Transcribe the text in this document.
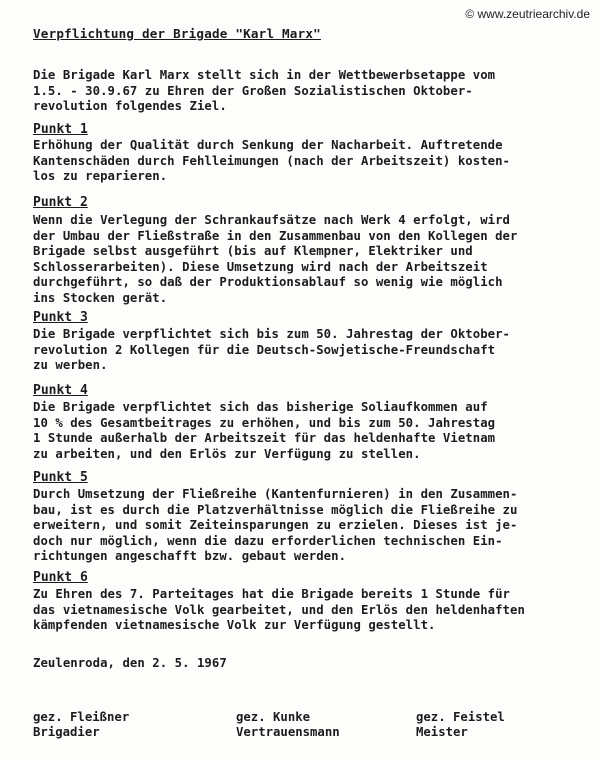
© www.zeutriearchiv.de
Verpflichtung der Brigade "Karl Marx"
Die Brigade Karl Marx stellt sich in der Wettbewerbsetappe vom
1.5. - 30.9.67 zu Ehren der Großen Sozialistischen Oktober-
revolution folgendes Ziel.
Punkt 1
Erhöhung der Qualität durch Senkung der Nacharbeit. Auftretende
Kantenschäden durch Fehlleimungen (nach der Arbeitszeit) kosten-
los zu reparieren.
Punkt 2
Wenn die Verlegung der Schrankaufsätze nach Werk 4 erfolgt, wird
der Umbau der Fließstraße in den Zusammenbau von den Kollegen der
Brigade selbst ausgeführt (bis auf Klempner, Elektriker und
Schlosserarbeiten). Diese Umsetzung wird nach der Arbeitszeit
durchgeführt, so daß der Produktionsablauf so wenig wie möglich
ins Stocken gerät.
Punkt 3
Die Brigade verpflichtet sich bis zum 50. Jahrestag der Oktober-
revolution 2 Kollegen für die Deutsch-Sowjetische-Freundschaft
zu werben.
Punkt 4
Die Brigade verpflichtet sich das bisherige Soliaufkommen auf
10 % des Gesamtbeitrages zu erhöhen, und bis zum 50. Jahrestag
1 Stunde außerhalb der Arbeitszeit für das heldenhafte Vietnam
zu arbeiten, und den Erlös zur Verfügung zu stellen.
Punkt 5
Durch Umsetzung der Fließreihe (Kantenfurnieren) in den Zusammen-
bau, ist es durch die Platzverhältnisse möglich die Fließreihe zu
erweitern, und somit Zeiteinsparungen zu erzielen. Dieses ist je-
doch nur möglich, wenn die dazu erforderlichen technischen Ein-
richtungen angeschafft bzw. gebaut werden.
Punkt 6
Zu Ehren des 7. Parteitages hat die Brigade bereits 1 Stunde für
das vietnamesische Volk gearbeitet, und den Erlös den heldenhaften
kämpfenden vietnamesische Volk zur Verfügung gestellt.
Zeulenroda, den 2. 5. 1967
gez. Fleißner
Brigadier
gez. Kunke
Vertrauensmann
gez. Feistel
Meister
